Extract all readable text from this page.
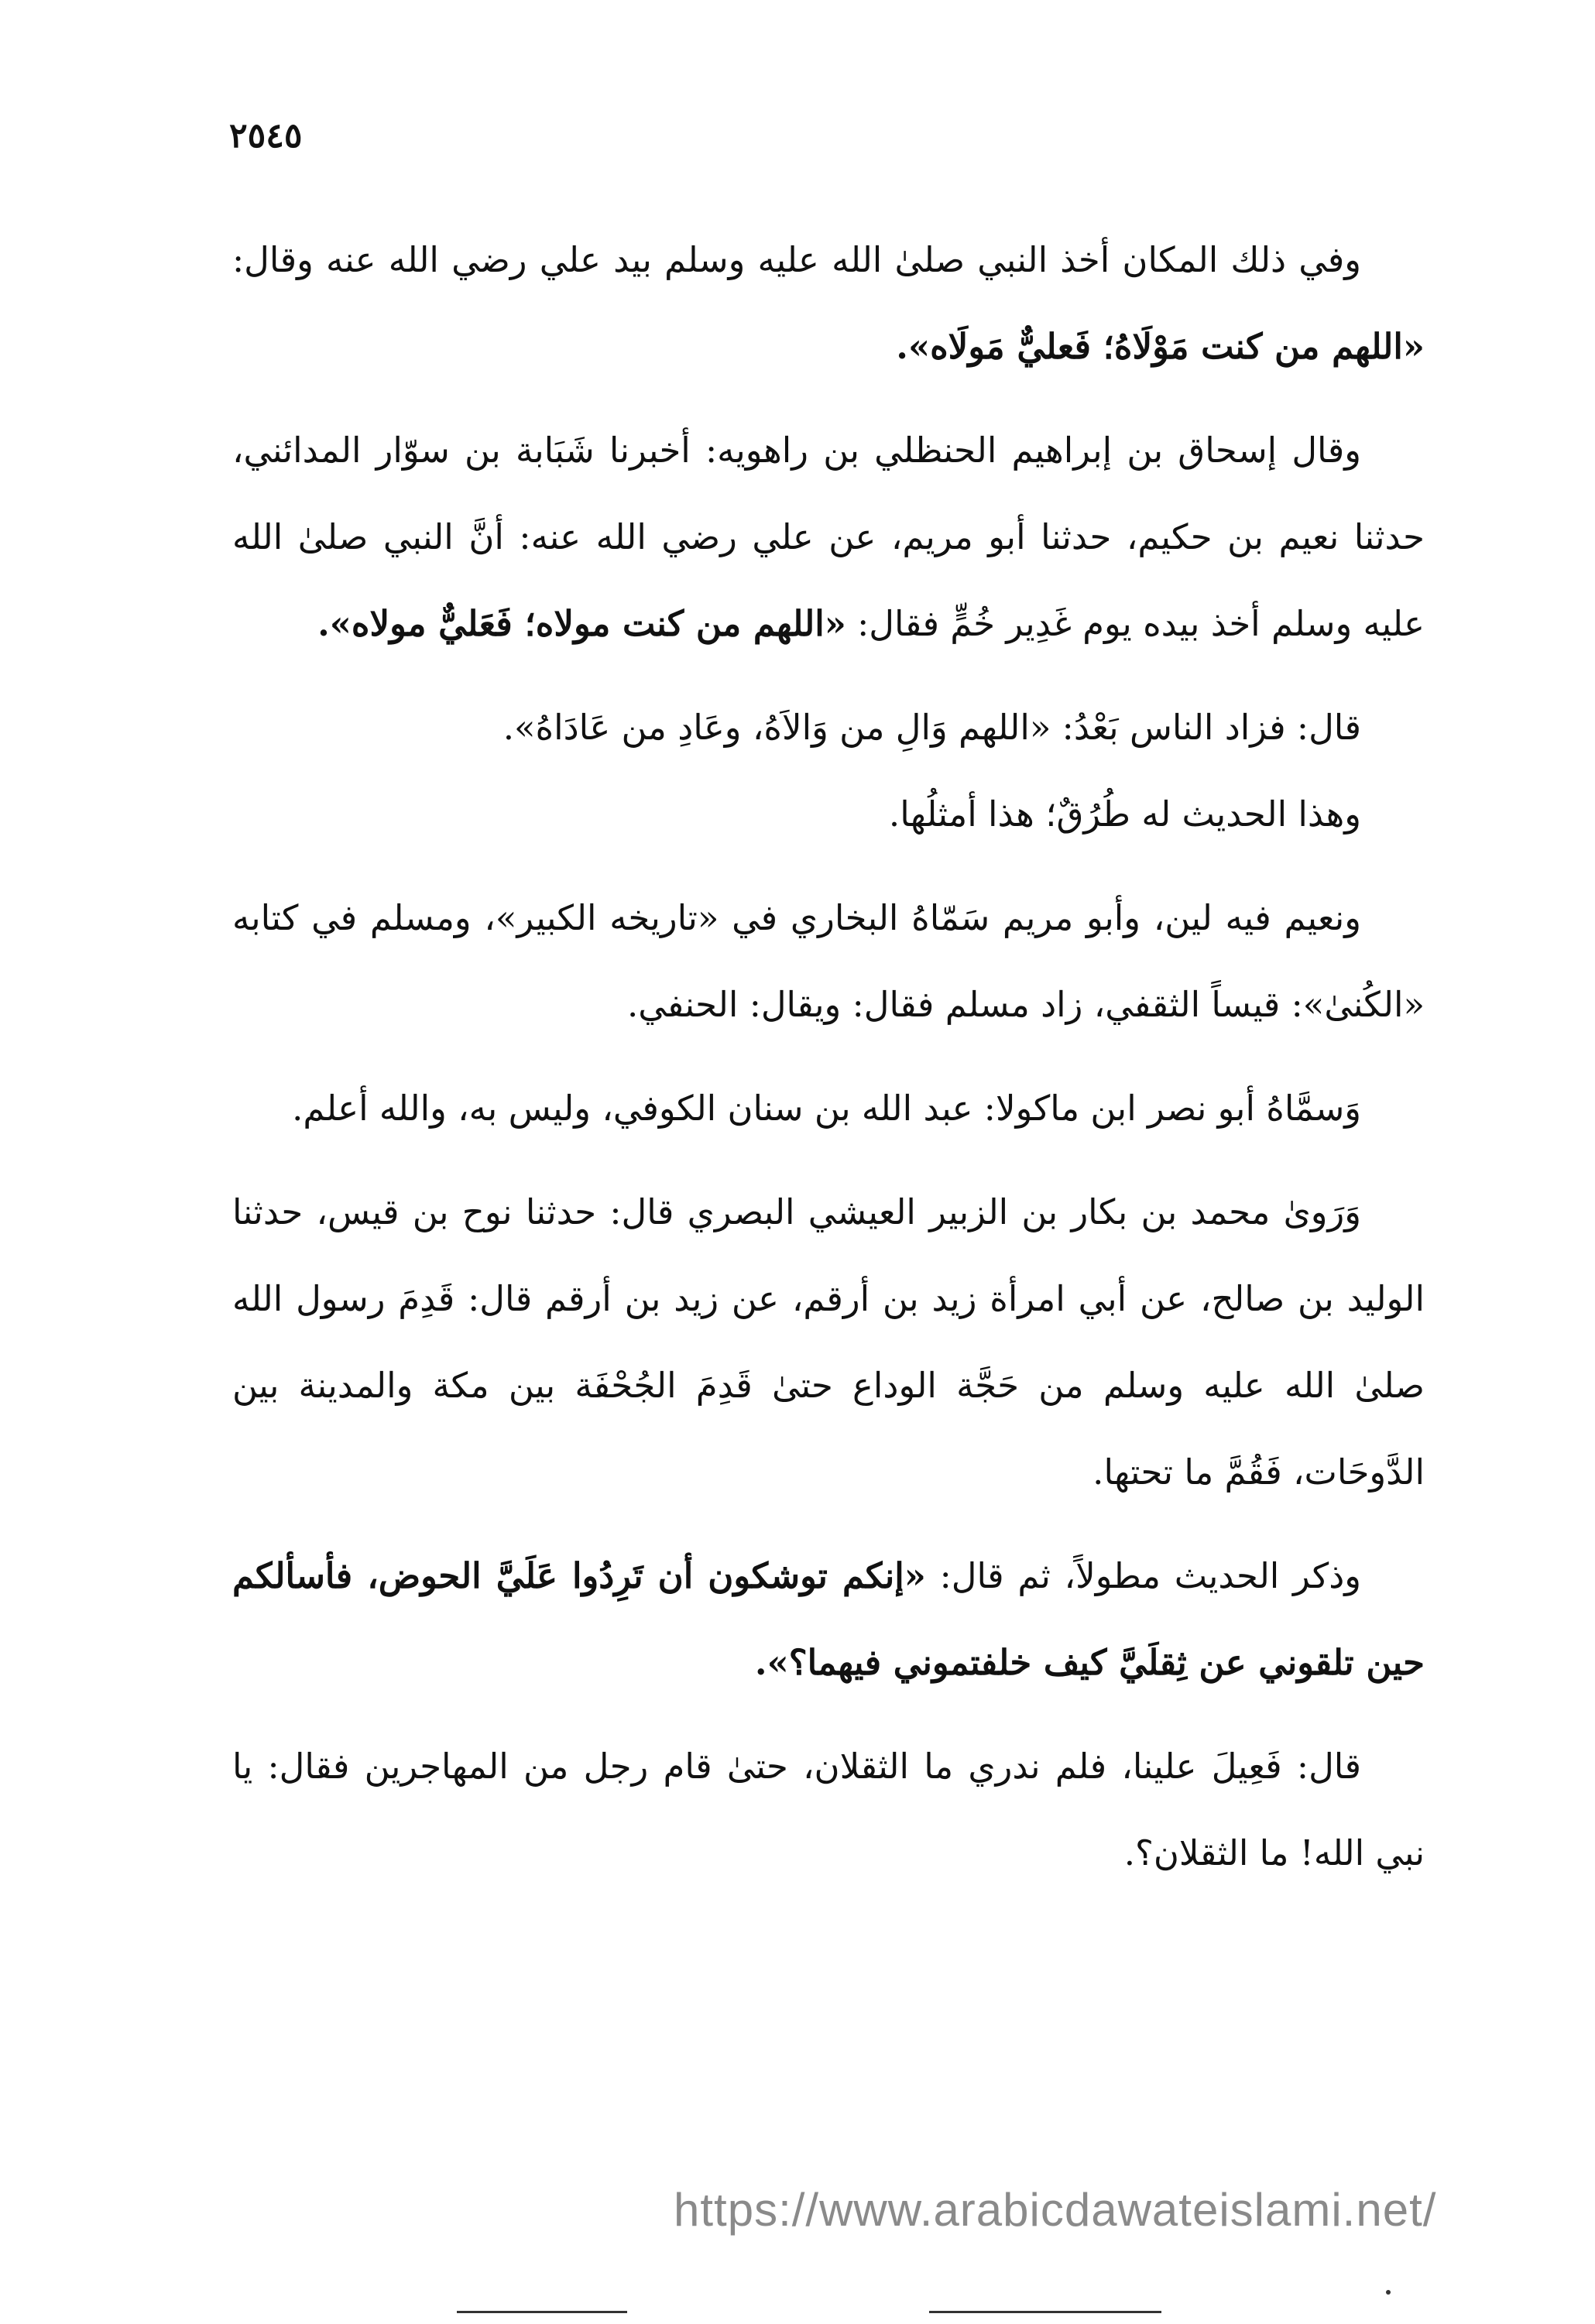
٢٥٤٥

وفي ذلك المكان أخذ النبي صلىٰ الله عليه وسلم بيد علي رضي الله عنه وقال: «اللهم من كنت مَوْلَاهُ؛ فَعليٌّ مَولَاه».

وقال إسحاق بن إبراهيم الحنظلي بن راهويه: أخبرنا شَبَابة بن سوّار المدائني، حدثنا نعيم بن حكيم، حدثنا أبو مريم، عن علي رضي الله عنه: أنَّ النبي صلىٰ الله عليه وسلم أخذ بيده يوم غَدِير خُمٍّ فقال: «اللهم من كنت مولاه؛ فَعَليٌّ مولاه».

قال: فزاد الناس بَعْدُ: «اللهم وَالِ من وَالاَهُ، وعَادِ من عَادَاهُ».

وهذا الحديث له طُرُقٌ؛ هذا أمثلُها.

ونعيم فيه لين، وأبو مريم سَمّاهُ البخاري في «تاريخه الكبير»، ومسلم في كتابه «الكُنىٰ»: قيساً الثقفي، زاد مسلم فقال: ويقال: الحنفي.

وَسمَّاهُ أبو نصر ابن ماكولا: عبد الله بن سنان الكوفي، وليس به، والله أعلم.

وَرَوىٰ محمد بن بكار بن الزبير العيشي البصري قال: حدثنا نوح بن قيس، حدثنا الوليد بن صالح، عن أبي امرأة زيد بن أرقم، عن زيد بن أرقم قال: قَدِمَ رسول الله صلىٰ الله عليه وسلم من حَجَّة الوداع حتىٰ قَدِمَ الجُحْفَة بين مكة والمدينة بين الدَّوحَات، فَقُمَّ ما تحتها.

وذكر الحديث مطولاً، ثم قال: «إنكم توشكون أن تَرِدُوا عَلَيَّ الحوض، فأسألكم حين تلقوني عن ثِقلَيَّ كيف خلفتموني فيهما؟».

قال: فَعِيلَ علينا، فلم ندري ما الثقلان، حتىٰ قام رجل من المهاجرين فقال: يا نبي الله! ما الثقلان؟.

https://www.arabicdawateislami.net/
